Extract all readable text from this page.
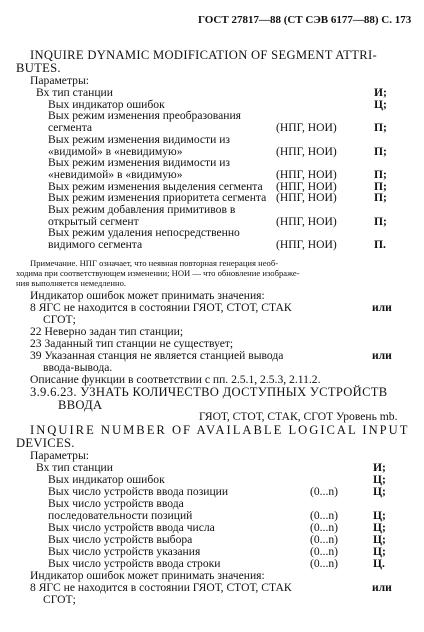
ГОСТ 27817—88 (СТ СЭВ 6177—88) С. 173
INQUIRE DYNAMIC MODIFICATION OF SEGMENT ATTRI-
BUTES.
Параметры:
Вх тип станции	И;
Вых индикатор ошибок	Ц;
Вых режим изменения преобразования
сегмента	(НПГ, НОИ)	П;
Вых режим изменения видимости из
«видимой» в «невидимую»	(НПГ, НОИ)	П;
Вых режим изменения видимости из
«невидимой» в «видимую»	(НПГ, НОИ)	П;
Вых режим изменения выделения сегмента (НПГ, НОИ)	П;
Вых режим изменения приоритета сегмента (НПГ, НОИ)	П;
Вых режим добавления примитивов в
открытый сегмент	(НПГ, НОИ)	П;
Вых режим удаления непосредственно
видимого сегмента	(НПГ, НОИ)	П.
Примечание. НПГ означает, что неявная повторная генерация необ-
ходима при соответствующем изменении; НОИ — что обновление изображе-
ния выполняется немедленно.
Индикатор ошибок может принимать значения:
8 ЯГС не находится в состоянии ГЯОТ, СТОТ, СТАК	или
СГОТ;
22 Неверно задан тип станции;
23 Заданный тип станции не существует;
39 Указанная станция не является станцией вывода	или
ввода-вывода.
Описание функции в соответствии с пп. 2.5.1, 2.5.3, 2.11.2.
3.9.6.23. УЗНАТЬ КОЛИЧЕСТВО ДОСТУПНЫХ УСТРОЙСТВ
ВВОДА
ГЯОТ, СТОТ, СТАК, СГОТ Уровень mb.
INQUIRE NUMBER OF AVAILABLE LOGICAL INPUT
DEVICES.
Параметры:
Вх тип станции	И;
Вых индикатор ошибок	Ц;
Вых число устройств ввода позиции	(0...n)	Ц;
Вых число устройств ввода
последовательности позиций	(0...n)	Ц;
Вых число устройств ввода числа	(0...n)	Ц;
Вых число устройств выбора	(0...n)	Ц;
Вых число устройств указания	(0...n)	Ц;
Вых число устройств ввода строки	(0...n)	Ц.
Индикатор ошибок может принимать значения:
8 ЯГС не находится в состоянии ГЯОТ, СТОТ, СТАК	или
СГОТ;
